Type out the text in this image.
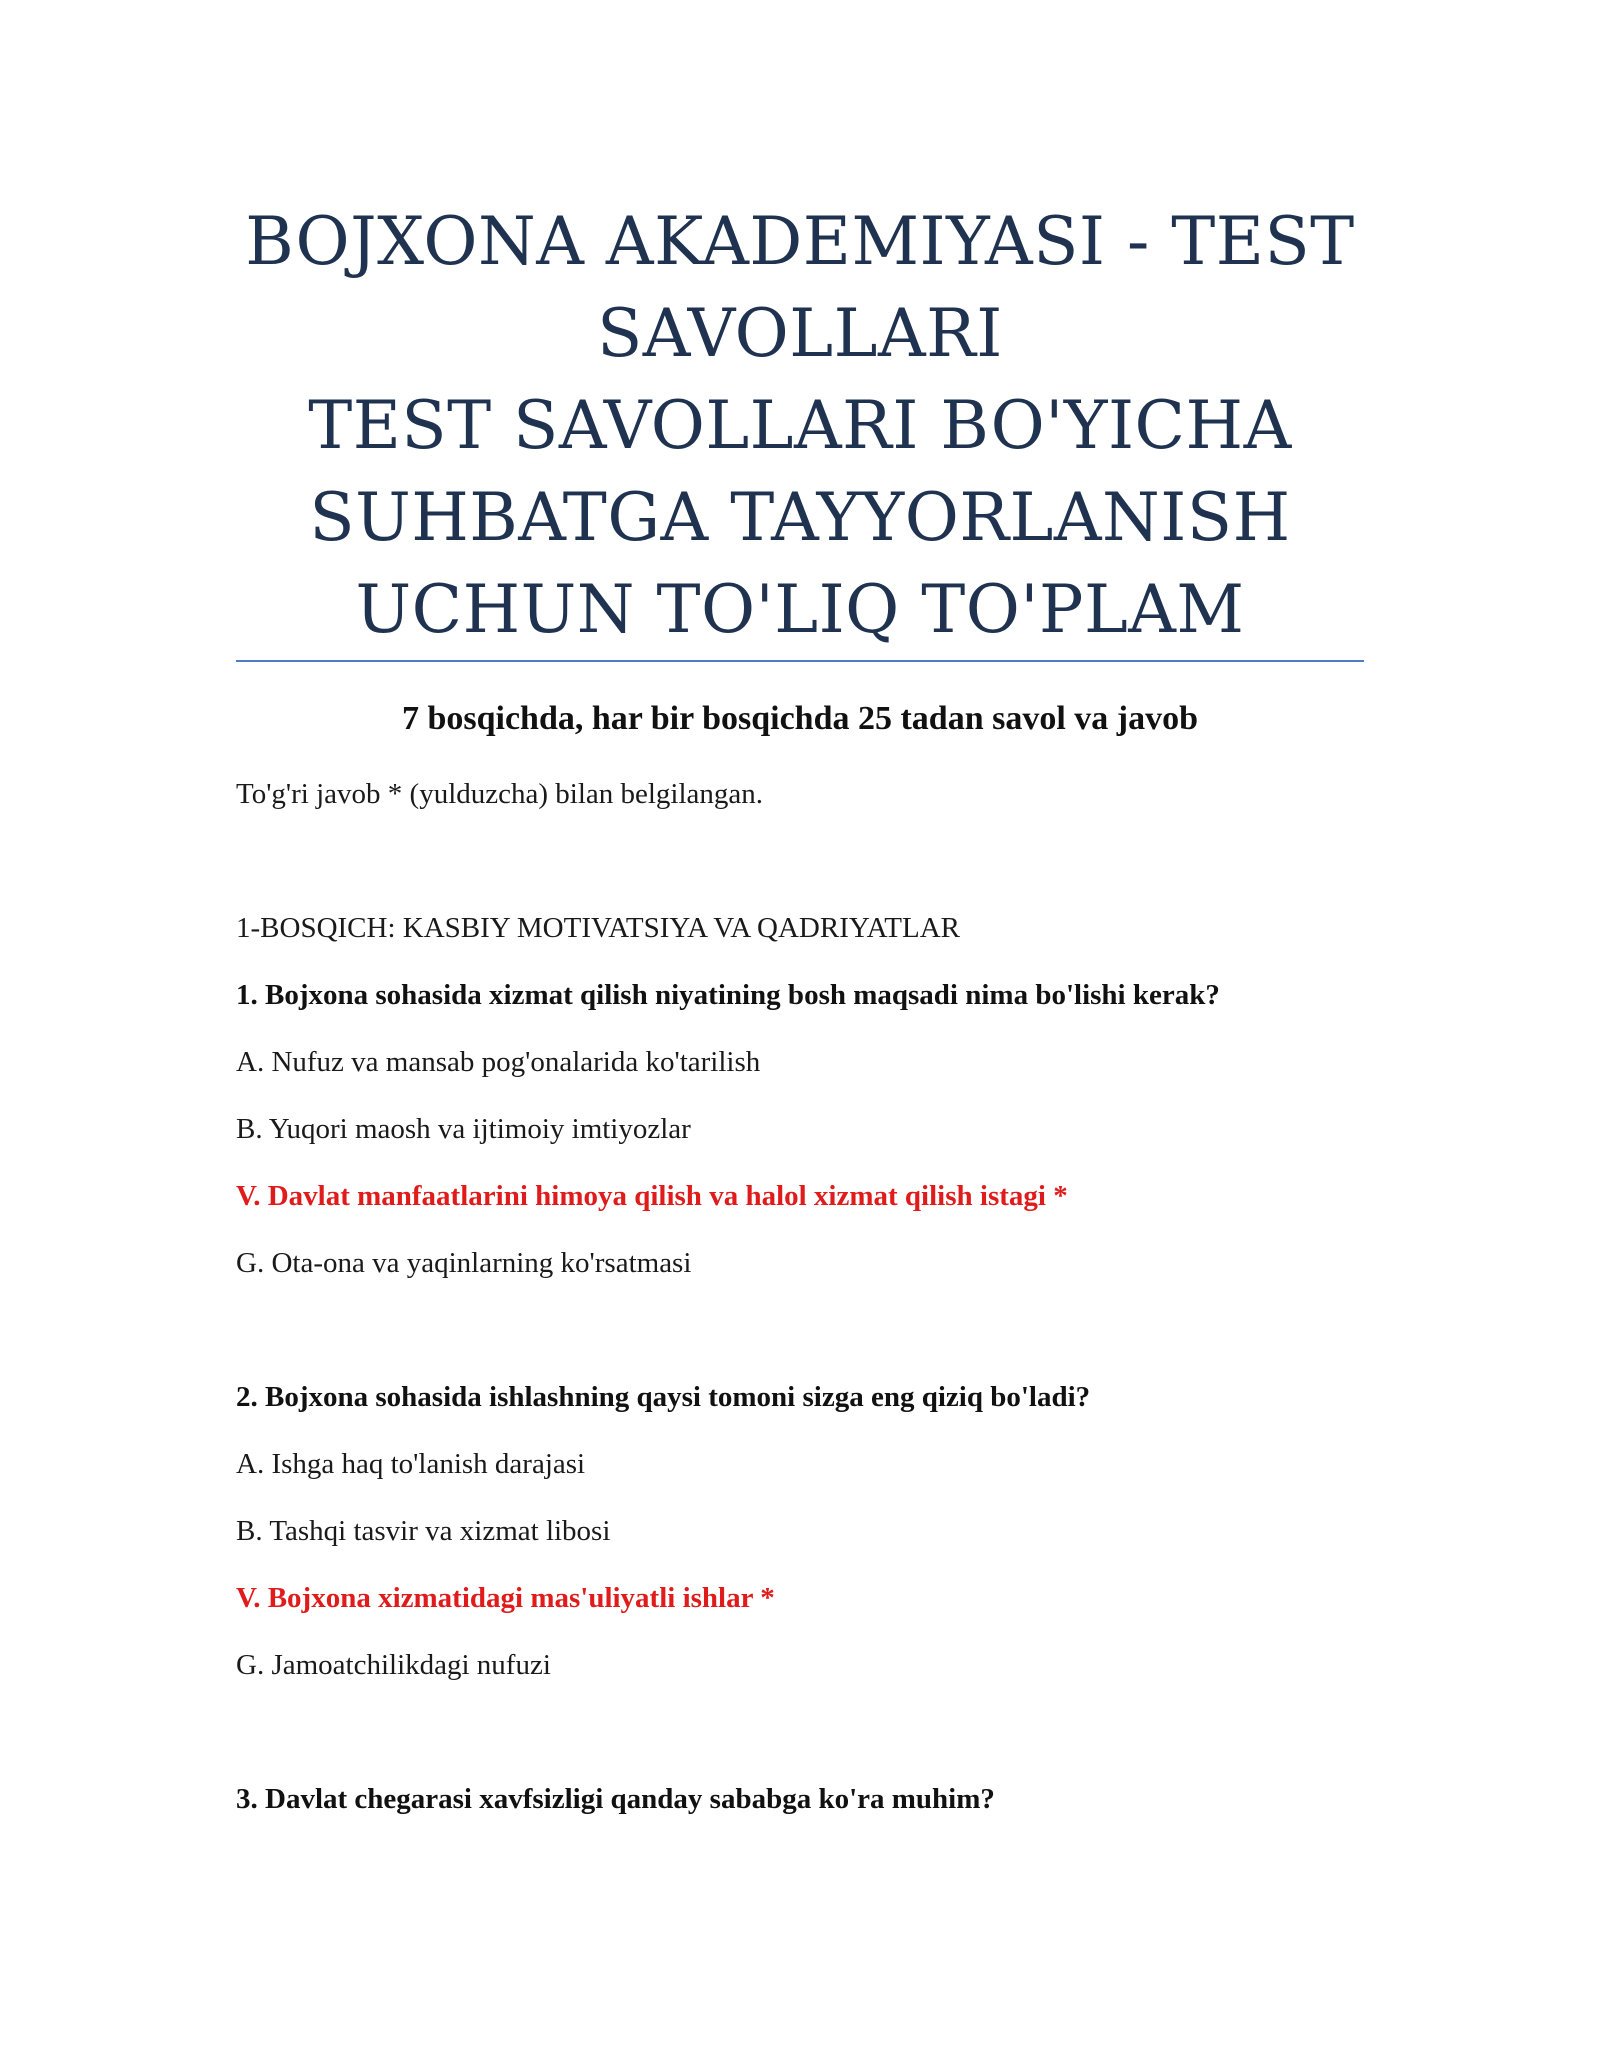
BOJXONA AKADEMIYASI - TEST
SAVOLLARI
TEST SAVOLLARI BO'YICHA
SUHBATGA TAYYORLANISH
UCHUN TO'LIQ TO'PLAM
7 bosqichda, har bir bosqichda 25 tadan savol va javob
To'g'ri javob * (yulduzcha) bilan belgilangan.
1-BOSQICH: KASBIY MOTIVATSIYA VA QADRIYATLAR
1. Bojxona sohasida xizmat qilish niyatining bosh maqsadi nima bo'lishi kerak?
A. Nufuz va mansab pog'onalarida ko'tarilish
B. Yuqori maosh va ijtimoiy imtiyozlar
V. Davlat manfaatlarini himoya qilish va halol xizmat qilish istagi *
G. Ota-ona va yaqinlarning ko'rsatmasi
2. Bojxona sohasida ishlashning qaysi tomoni sizga eng qiziq bo'ladi?
A. Ishga haq to'lanish darajasi
B. Tashqi tasvir va xizmat libosi
V. Bojxona xizmatidagi mas'uliyatli ishlar *
G. Jamoatchilikdagi nufuzi
3. Davlat chegarasi xavfsizligi qanday sababga ko'ra muhim?
